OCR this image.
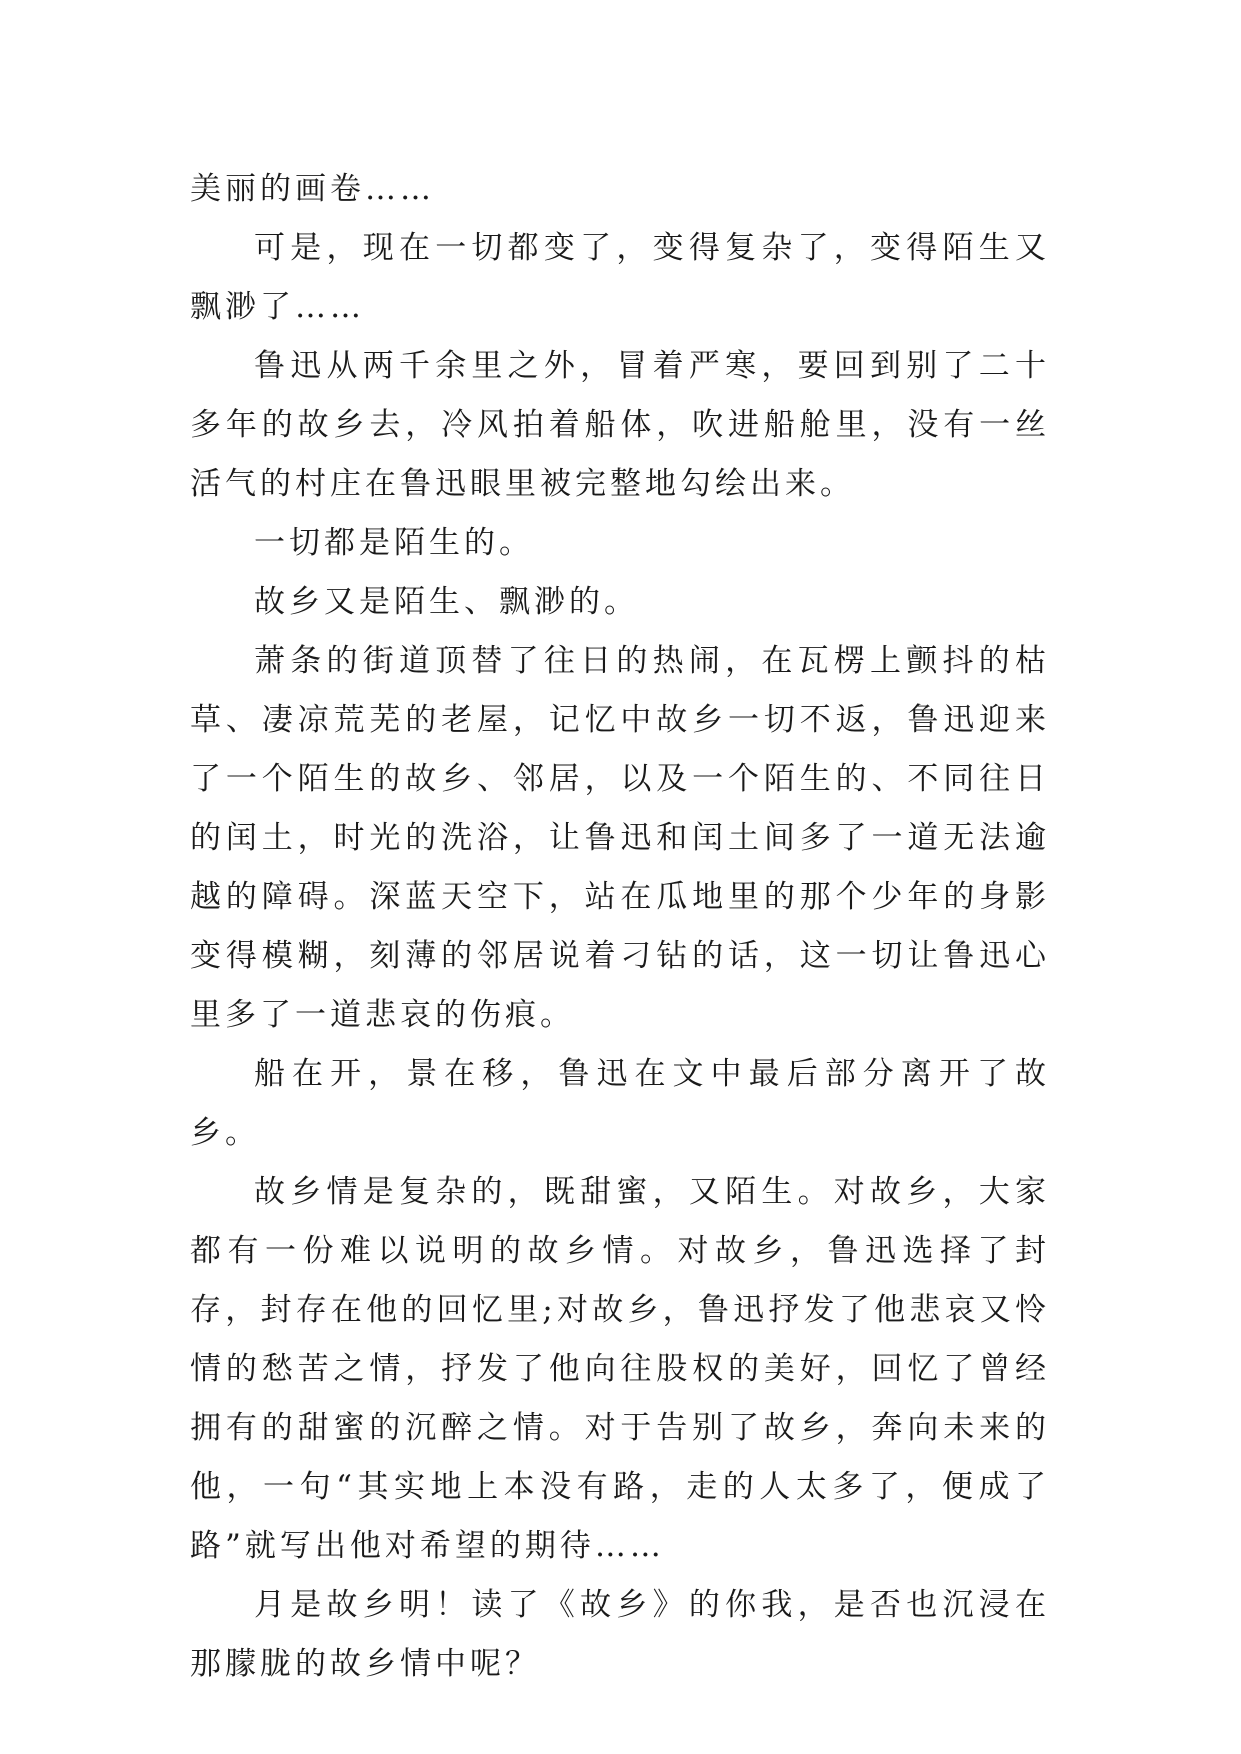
美丽的画卷……

可是，现在一切都变了，变得复杂了，变得陌生又飘渺了……

鲁迅从两千余里之外，冒着严寒，要回到别了二十多年的故乡去，冷风拍着船体，吹进船舱里，没有一丝活气的村庄在鲁迅眼里被完整地勾绘出来。

一切都是陌生的。

故乡又是陌生、飘渺的。

萧条的街道顶替了往日的热闹，在瓦楞上颤抖的枯草、凄凉荒芜的老屋，记忆中故乡一切不返，鲁迅迎来了一个陌生的故乡、邻居，以及一个陌生的、不同往日的闰土，时光的洗浴，让鲁迅和闰土间多了一道无法逾越的障碍。深蓝天空下，站在瓜地里的那个少年的身影变得模糊，刻薄的邻居说着刁钻的话，这一切让鲁迅心里多了一道悲哀的伤痕。

船在开，景在移，鲁迅在文中最后部分离开了故乡。

故乡情是复杂的，既甜蜜，又陌生。对故乡，大家都有一份难以说明的故乡情。对故乡，鲁迅选择了封存，封存在他的回忆里;对故乡，鲁迅抒发了他悲哀又怜情的愁苦之情，抒发了他向往股权的美好，回忆了曾经拥有的甜蜜的沉醉之情。对于告别了故乡，奔向未来的他，一句“其实地上本没有路，走的人太多了，便成了路”就写出他对希望的期待……

月是故乡明！读了《故乡》的你我，是否也沉浸在那朦胧的故乡情中呢？
